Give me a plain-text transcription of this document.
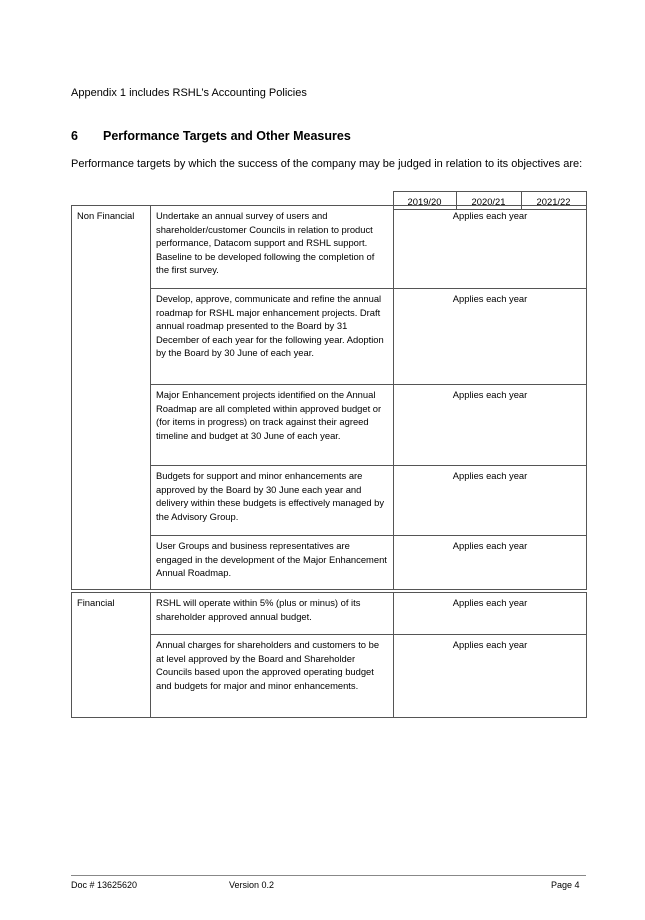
Appendix 1 includes RSHL’s Accounting Policies
6 Performance Targets and Other Measures
Performance targets by which the success of the company may be judged in relation to its objectives are:
		2019/20	2020/21	2021/22
Non Financial	Undertake an annual survey of users and shareholder/customer Councils in relation to product performance, Datacom support and RSHL support. Baseline to be developed following the completion of the first survey.	Applies each year
	Develop, approve, communicate and refine the annual roadmap for RSHL major enhancement projects. Draft annual roadmap presented to the Board by 31 December of each year for the following year. Adoption by the Board by 30 June of each year.	Applies each year
	Major Enhancement projects identified on the Annual Roadmap are all completed within approved budget or (for items in progress) on track against their agreed timeline and budget at 30 June of each year.	Applies each year
	Budgets for support and minor enhancements are approved by the Board by 30 June each year and delivery within these budgets is effectively managed by the Advisory Group.	Applies each year
	User Groups and business representatives are engaged in the development of the Major Enhancement Annual Roadmap.	Applies each year
Financial	RSHL will operate within 5% (plus or minus) of its shareholder approved annual budget.	Applies each year
	Annual charges for shareholders and customers to be at level approved by the Board and Shareholder Councils based upon the approved operating budget and budgets for major and minor enhancements.	Applies each year
Doc # 13625620	Version 0.2	Page 4
